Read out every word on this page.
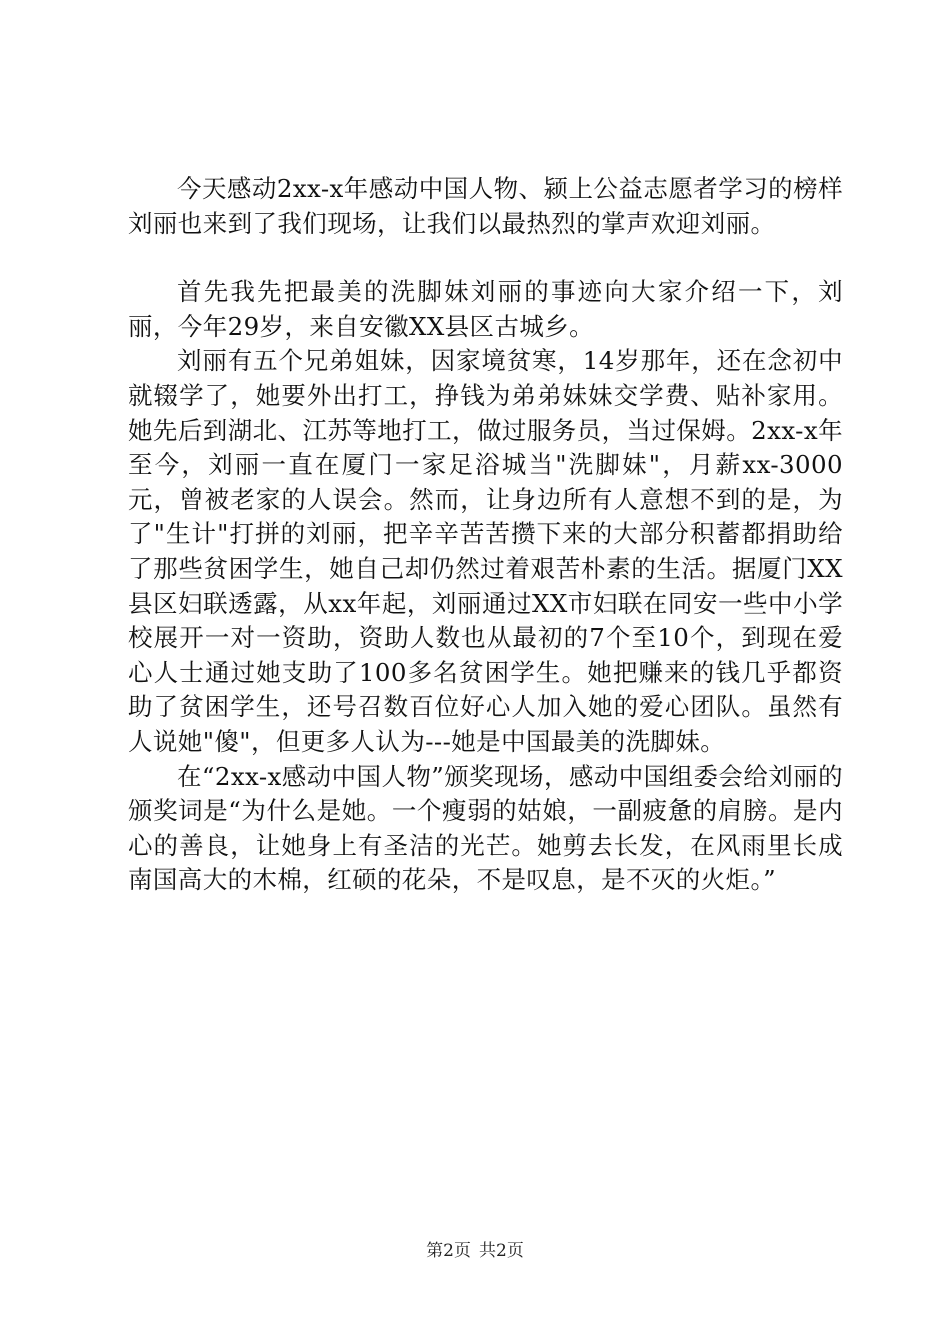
今天感动2xx-x年感动中国人物、颍上公益志愿者学习的榜样刘丽也来到了我们现场，让我们以最热烈的掌声欢迎刘丽。

首先我先把最美的洗脚妹刘丽的事迹向大家介绍一下，刘丽，今年29岁，来自安徽XX县区古城乡。

刘丽有五个兄弟姐妹，因家境贫寒，14岁那年，还在念初中就辍学了，她要外出打工，挣钱为弟弟妹妹交学费、贴补家用。她先后到湖北、江苏等地打工，做过服务员，当过保姆。2xx-x年至今，刘丽一直在厦门一家足浴城当"洗脚妹"，月薪xx-3000元，曾被老家的人误会。然而，让身边所有人意想不到的是，为了"生计"打拼的刘丽，把辛辛苦苦攒下来的大部分积蓄都捐助给了那些贫困学生，她自己却仍然过着艰苦朴素的生活。据厦门XX县区妇联透露，从xx年起，刘丽通过XX市妇联在同安一些中小学校展开一对一资助，资助人数也从最初的7个至10个，到现在爱心人士通过她支助了100多名贫困学生。她把赚来的钱几乎都资助了贫困学生，还号召数百位好心人加入她的爱心团队。虽然有人说她"傻"，但更多人认为---她是中国最美的洗脚妹。

在“2xx-x感动中国人物”颁奖现场，感动中国组委会给刘丽的颁奖词是“为什么是她。一个瘦弱的姑娘，一副疲惫的肩膀。是内心的善良，让她身上有圣洁的光芒。她剪去长发，在风雨里长成南国高大的木棉，红硕的花朵，不是叹息，是不灭的火炬。”

第2页 共2页
